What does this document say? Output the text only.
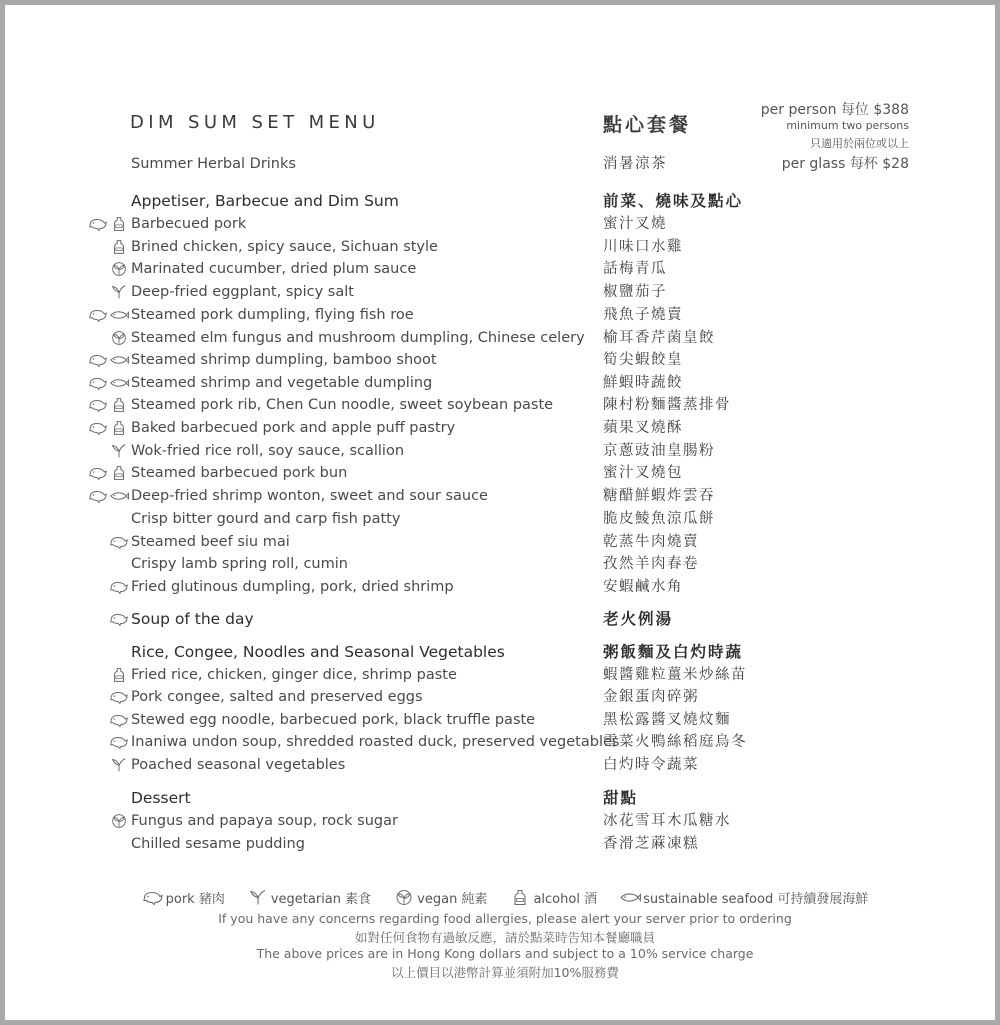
DIM SUM SET MENU	點心套餐
per person 每位 $388
minimum two persons
只適用於兩位或以上
per glass 每杯 $28
Summer Herbal Drinks	消暑涼茶
Appetiser, Barbecue and Dim Sum	前菜、燒味及點心
Barbecued pork	蜜汁叉燒
Brined chicken, spicy sauce, Sichuan style	川味口水雞
Marinated cucumber, dried plum sauce	話梅青瓜
Deep-fried eggplant, spicy salt	椒鹽茄子
Steamed pork dumpling, flying fish roe	飛魚子燒賣
Steamed elm fungus and mushroom dumpling, Chinese celery 榆耳香芹菌皇餃
Steamed shrimp dumpling, bamboo shoot	筍尖蝦餃皇
Steamed shrimp and vegetable dumpling	鮮蝦時蔬餃
Steamed pork rib, Chen Cun noodle, sweet soybean paste	陳村粉麵醬蒸排骨
Baked barbecued pork and apple puff pastry	蘋果叉燒酥
Wok-fried rice roll, soy sauce, scallion	京蔥豉油皇腸粉
Steamed barbecued pork bun	蜜汁叉燒包
Deep-fried shrimp wonton, sweet and sour sauce	糖醋鮮蝦炸雲吞
Crisp bitter gourd and carp fish patty	脆皮鯪魚涼瓜餅
Steamed beef siu mai	乾蒸牛肉燒賣
Crispy lamb spring roll, cumin	孜然羊肉春卷
Fried glutinous dumpling, pork, dried shrimp	安蝦鹹水角
Soup of the day	老火例湯
Rice, Congee, Noodles and Seasonal Vegetables	粥飯麵及白灼時蔬
Fried rice, chicken, ginger dice, shrimp paste	蝦醬雞粒薑米炒絲苗
Pork congee, salted and preserved eggs	金銀蛋肉碎粥
Stewed egg noodle, barbecued pork, black truffle paste	黑松露醬叉燒炆麵
Inaniwa undon soup, shredded roasted duck, preserved vegetables
雪菜火鴨絲稻庭烏冬
Poached seasonal vegetables	白灼時令蔬菜
Dessert	甜點
Fungus and papaya soup, rock sugar	冰花雪耳木瓜糖水
Chilled sesame pudding	香滑芝蔴凍糕
pork 豬肉	vegetarian 素食	vegan 純素	alcohol 酒	sustainable seafood 可持續發展海鮮
If you have any concerns regarding food allergies, please alert your server prior to ordering
如對任何食物有過敏反應，請於點菜時告知本餐廳職員
The above prices are in Hong Kong dollars and subject to a 10% service charge
以上價目以港幣計算並須附加10%服務費
